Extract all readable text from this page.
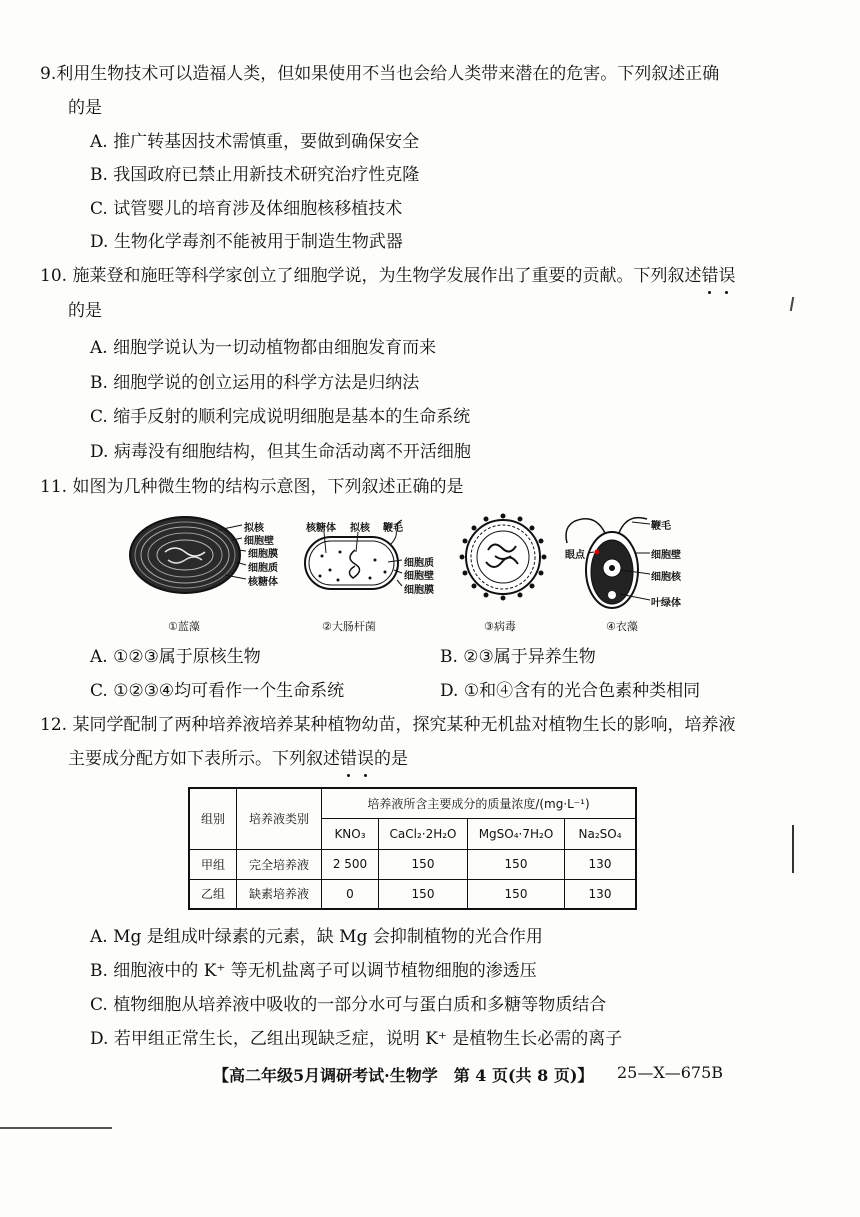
9.利用生物技术可以造福人类，但如果使用不当也会给人类带来潜在的危害。下列叙述正确
的是
A. 推广转基因技术需慎重，要做到确保安全
B. 我国政府已禁止用新技术研究治疗性克隆
C. 试管婴儿的培育涉及体细胞核移植技术
D. 生物化学毒剂不能被用于制造生物武器
10. 施莱登和施旺等科学家创立了细胞学说，为生物学发展作出了重要的贡献。下列叙述错误
的是
A. 细胞学说认为一切动植物都由细胞发育而来
B. 细胞学说的创立运用的科学方法是归纳法
C. 缩手反射的顺利完成说明细胞是基本的生命系统
D. 病毒没有细胞结构，但其生命活动离不开活细胞
11. 如图为几种微生物的结构示意图，下列叙述正确的是
拟核
细胞壁
细胞膜
细胞质
核糖体
①蓝藻
核糖体 拟核 鞭毛
细胞质
细胞壁
细胞膜
②大肠杆菌	③病毒
眼点
鞭毛
细胞壁
细胞核
叶绿体
④衣藻
A. ①②③属于原核生物	B. ②③属于异养生物
C. ①②③④均可看作一个生命系统	D. ①和④含有的光合色素种类相同
12. 某同学配制了两种培养液培养某种植物幼苗，探究某种无机盐对植物生长的影响，培养液
主要成分配方如下表所示。下列叙述错误的是
组别	培养液类别	培养液所含主要成分的质量浓度/(mg·L⁻¹)			
		KNO₃	CaCl₂·2H₂O	MgSO₄·7H₂O	Na₂SO₄
甲组	完全培养液	2 500	150	150	130
乙组	缺素培养液	0	150	150	130
A. Mg 是组成叶绿素的元素，缺 Mg 会抑制植物的光合作用
B. 细胞液中的 K⁺ 等无机盐离子可以调节植物细胞的渗透压
C. 植物细胞从培养液中吸收的一部分水可与蛋白质和多糖等物质结合
D. 若甲组正常生长，乙组出现缺乏症，说明 K⁺ 是植物生长必需的离子
【高二年级5月调研考试·生物学　第 4 页(共 8 页)】 25—X—675B
